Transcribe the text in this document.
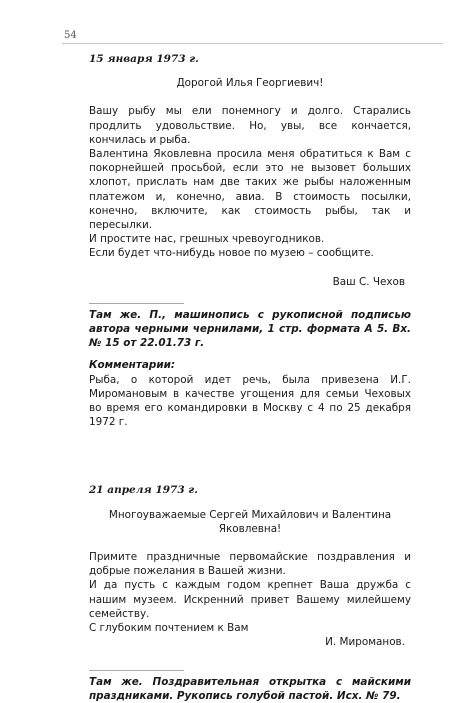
54

15 января 1973 г.

Дорогой Илья Георгиевич!

Вашу рыбу мы ели понемногу и долго. Старались продлить удовольствие. Но, увы, все кончается, кончилась и рыба.

Валентина Яковлевна просила меня обратиться к Вам с покорнейшей просьбой, если это не вызовет больших хлопот, прислать нам две таких же рыбы наложенным платежом и, конечно, авиа. В стоимость посылки, конечно, включите, как стоимость рыбы, так и пересылки.

И простите нас, грешных чревоугодников.

Если будет что-нибудь новое по музею – сообщите.

Ваш С. Чехов

Там же. П., машинопись с рукописной подписью автора черными чернилами, 1 стр. формата А 5. Вх. № 15 от 22.01.73 г.

Комментарии:

Рыба, о которой идет речь, была привезена И.Г. Миромановым в качестве угощения для семьи Чеховых во время его командировки в Москву с 4 по 25 декабря 1972 г.

21 апреля 1973 г.

Многоуважаемые Сергей Михайлович и Валентина Яковлевна!

Примите праздничные первомайские поздравления и добрые пожелания в Вашей жизни.

И да пусть с каждым годом крепнет Ваша дружба с нашим музеем. Искренний привет Вашему милейшему семейству.

С глубоким почтением к Вам

И. Мироманов.

Там же. Поздравительная открытка с майскими праздниками. Рукопись голубой пастой. Исх. № 79.
